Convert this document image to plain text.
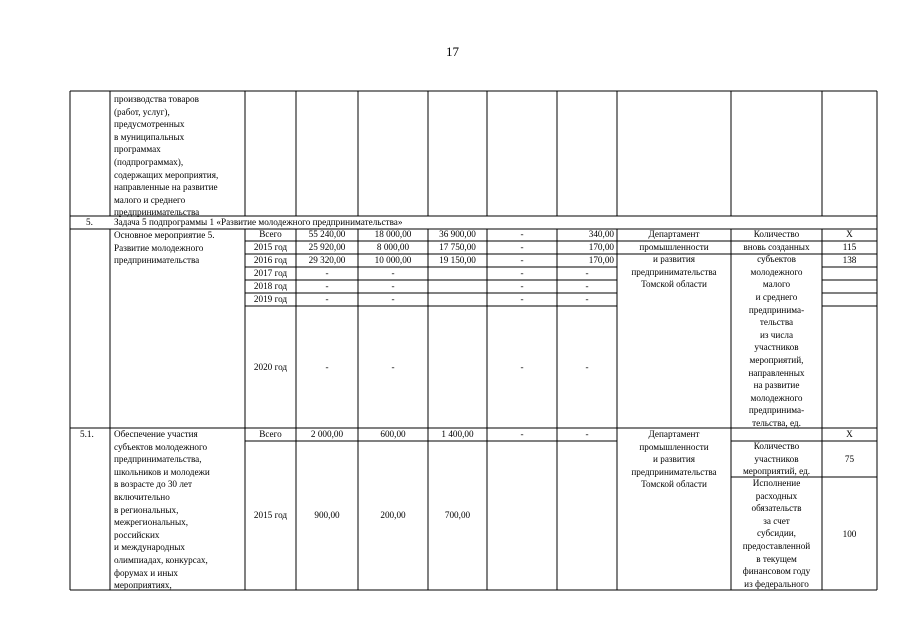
17
производства товаров
(работ, услуг),
предусмотренных
в муниципальных
программах
(подпрограммах),
содержащих мероприятия,
направленные на развитие
малого и среднего
предпринимательства
5. Задача 5 подпрограммы 1 «Развитие молодежного предпринимательства»
Основное мероприятие 5.
Развитие молодежного
предпринимательства
Всего
2015 год
2016 год
2017 год
2018 год
2019 год
2020 год
55 240,00
25 920,00
29 320,00
-
-
-
-
18 000,00
8 000,00
10 000,00
-
-
-
-
36 900,00
17 750,00
19 150,00
-
-
-
-
-
-
-
340,00
170,00
170,00
-
-
-
-
Департамент
промышленности
и развития
предпринимательства
Томской области
Количество
вновь созданных
субъектов
молодежного
малого
и среднего
предпринима-
тельства
из числа
участников
мероприятий,
направленных
на развитие
молодежного
предпринима-
тельства, ед.
Х
115
138
5.1. Обеспечение участия
субъектов молодежного
предпринимательства,
школьников и молодежи
в возрасте до 30 лет
включительно
в региональных,
межрегиональных,
российских
и международных
олимпиадах, конкурсах,
форумах и иных
мероприятиях,
Всего
2015 год
2 000,00
900,00
600,00
200,00
1 400,00
700,00
-	-	Департамент
промышленности
и развития
предпринимательства
Томской области
Количество
участников
мероприятий, ед.
Исполнение
расходных
обязательств
за счет
субсидии,
предоставленной
в текущем
финансовом году
из федерального
Х
75
100
